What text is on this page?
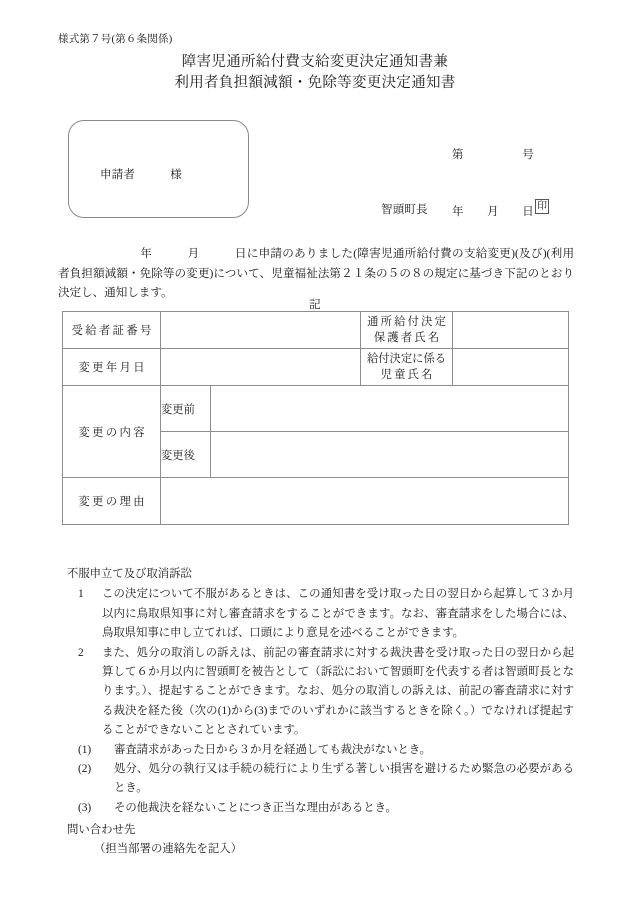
様式第７号(第６条関係)
障害児通所給付費支給変更決定通知書兼
利用者負担額減額・免除等変更決定通知書

第　　　　　号

年　　月　　日

申請者　　　様
智頭町長	印
年　　　月　　　日に申請のありました(障害児通所給付費の支給変更)(及び)(利用者負担額減額・免除等の変更)について、児童福祉法第２１条の５の８の規定に基づき下記のとおり決定し、通知します。
記
受給者証番号			通所給付決定
保護者氏名	

変更年月日			給付決定に係る
児童氏名	

変更の内容	変更前			
	変更後			
変更の理由				
不服申立て及び取消訴訟
1 この決定について不服があるときは、この通知書を受け取った日の翌日から起算して３か月以内に鳥取県知事に対し審査請求をすることができます。なお、審査請求をした場合には、鳥取県知事に申し立てれば、口頭により意見を述べることができます。
2 また、処分の取消しの訴えは、前記の審査請求に対する裁決書を受け取った日の翌日から起算して６か月以内に智頭町を被告として（訴訟において智頭町を代表する者は智頭町長となります。）、提起することができます。なお、処分の取消しの訴えは、前記の審査請求に対する裁決を経た後（次の(1)から(3)までのいずれかに該当するときを除く。）でなければ提起することができないこととされています。
(1) 審査請求があった日から３か月を経過しても裁決がないとき。
(2) 処分、処分の執行又は手続の続行により生ずる著しい損害を避けるため緊急の必要があるとき。
(3) その他裁決を経ないことにつき正当な理由があるとき。
問い合わせ先
（担当部署の連絡先を記入）
